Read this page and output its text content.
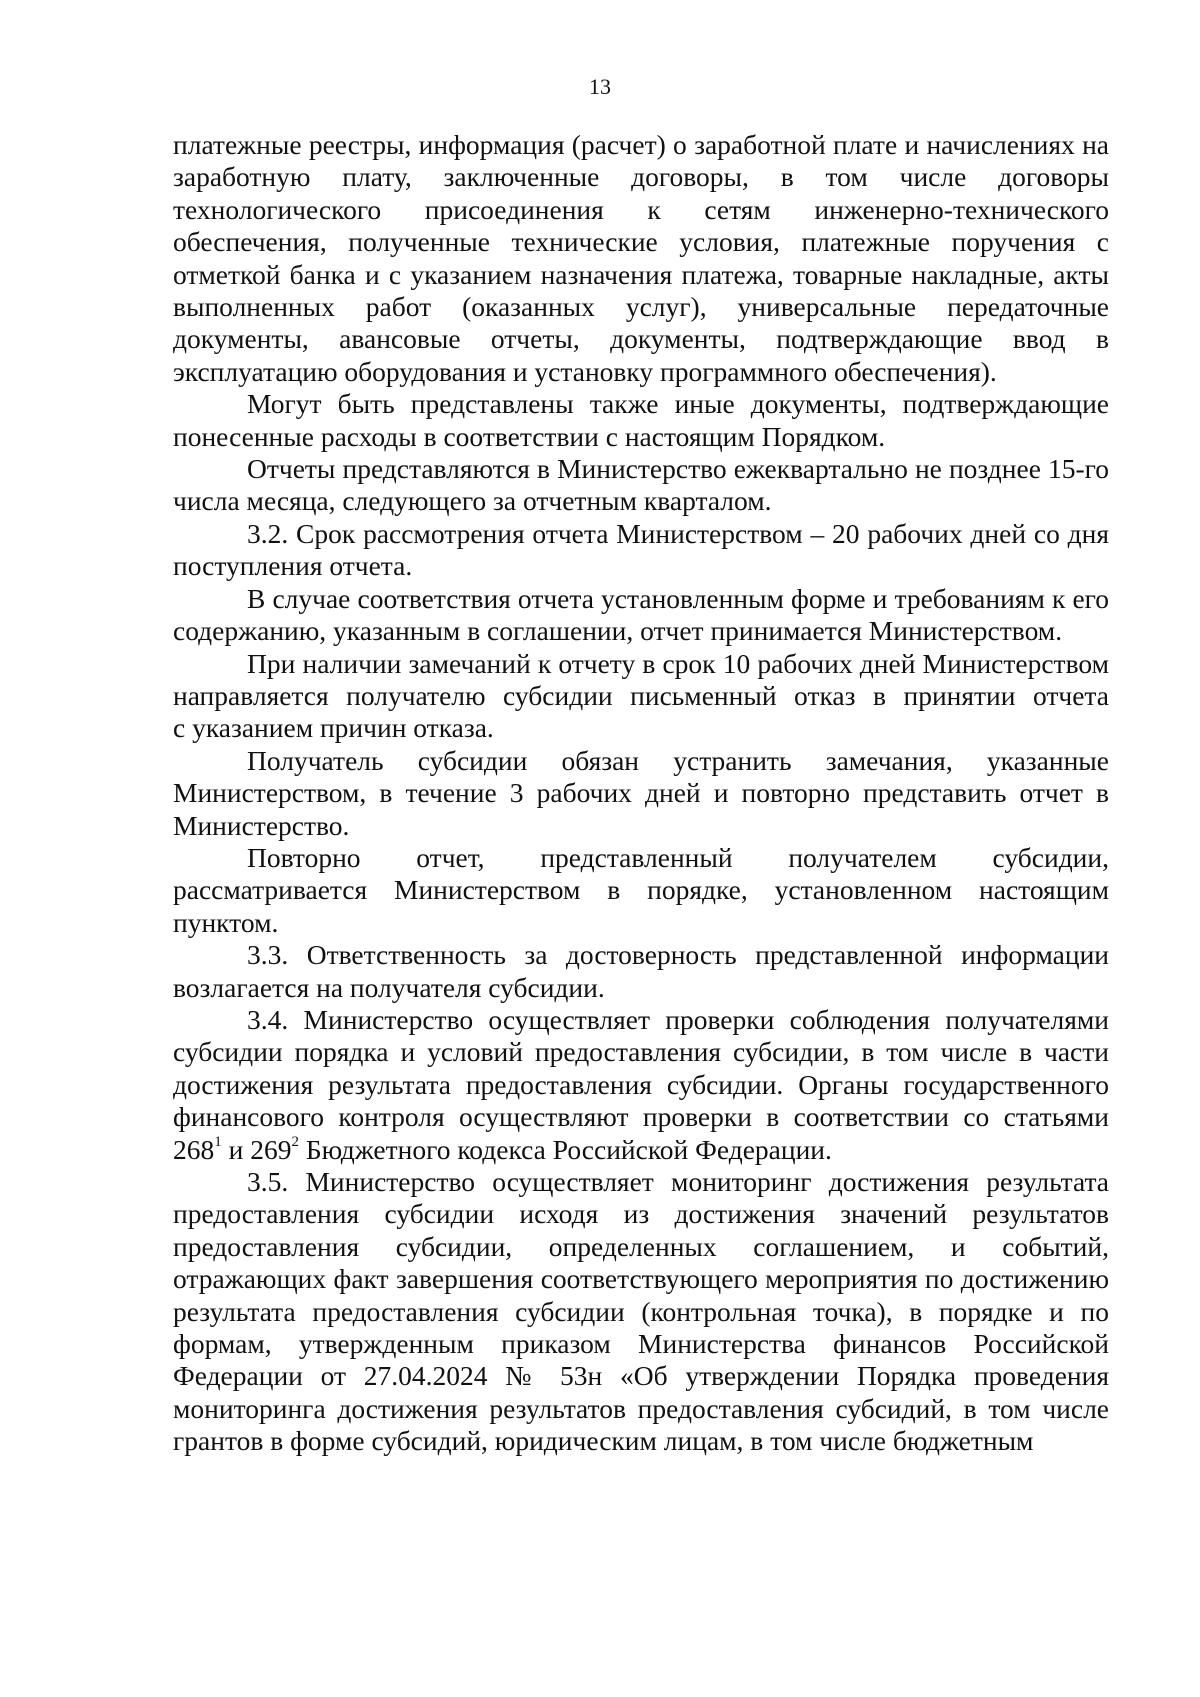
13

платежные реестры, информация (расчет) о заработной плате и начислениях на заработную плату, заключенные договоры, в том числе договоры технологического присоединения к сетям инженерно-технического обеспечения, полученные технические условия, платежные поручения с отметкой банка и с указанием назначения платежа, товарные накладные, акты выполненных работ (оказанных услуг), универсальные передаточные документы, авансовые отчеты, документы, подтверждающие ввод в эксплуатацию оборудования и установку программного обеспечения).

Могут быть представлены также иные документы, подтверждающие понесенные расходы в соответствии с настоящим Порядком.

Отчеты представляются в Министерство ежеквартально не позднее 15-го числа месяца, следующего за отчетным кварталом.

3.2. Срок рассмотрения отчета Министерством – 20 рабочих дней со дня поступления отчета.

В случае соответствия отчета установленным форме и требованиям к его содержанию, указанным в соглашении, отчет принимается Министерством.

При наличии замечаний к отчету в срок 10 рабочих дней Министерством направляется получателю субсидии письменный отказ в принятии отчета

с указанием причин отказа.

Получатель субсидии обязан устранить замечания, указанные Министерством, в течение 3 рабочих дней и повторно представить отчет в Министерство.

Повторно отчет, представленный получателем субсидии, рассматривается Министерством в порядке, установленном настоящим пунктом.

3.3. Ответственность за достоверность представленной информации возлагается на получателя субсидии.

3.4. Министерство осуществляет проверки соблюдения получателями субсидии порядка и условий предоставления субсидии, в том числе в части достижения результата предоставления субсидии. Органы государственного финансового контроля осуществляют проверки в соответствии со статьями $268^1$ и $269^2$ Бюджетного кодекса Российской Федерации.

3.5. Министерство осуществляет мониторинг достижения результата предоставления субсидии исходя из достижения значений результатов предоставления субсидии, определенных соглашением, и событий, отражающих факт завершения соответствующего мероприятия по достижению результата предоставления субсидии (контрольная точка), в порядке и по формам, утвержденным приказом Министерства финансов Российской Федерации от 27.04.2024 № 53н «Об утверждении Порядка проведения мониторинга достижения результатов предоставления субсидий, в том числе грантов в форме субсидий, юридическим лицам, в том числе бюджетным
